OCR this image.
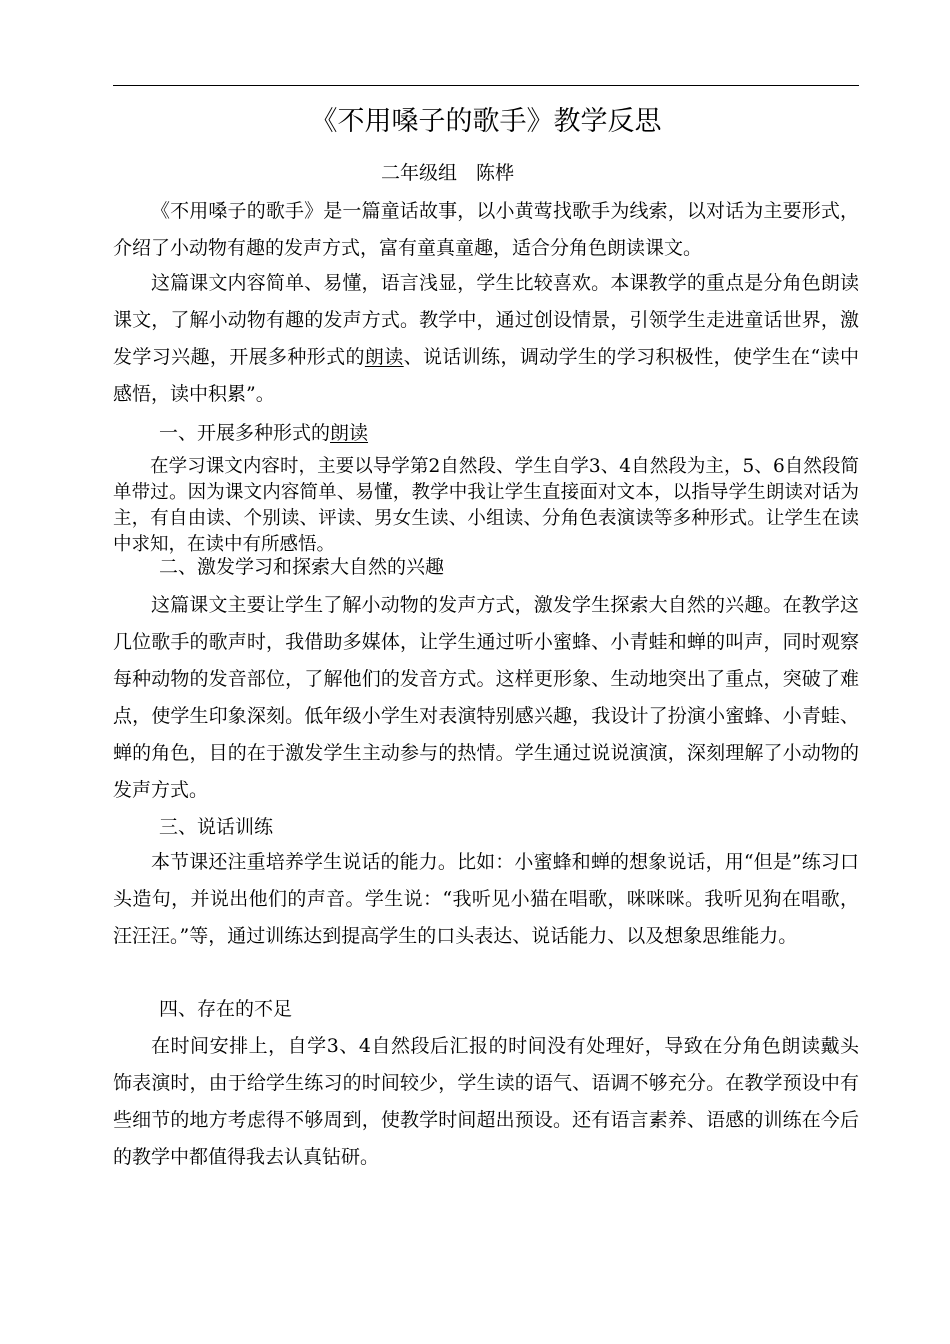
《不用嗓子的歌手》教学反思
二年级组　陈桦

《不用嗓子的歌手》是一篇童话故事，以小黄莺找歌手为线索，以对话为主要形式，介绍了小动物有趣的发声方式，富有童真童趣，适合分角色朗读课文。

这篇课文内容简单、易懂，语言浅显，学生比较喜欢。本课教学的重点是分角色朗读课文，了解小动物有趣的发声方式。教学中，通过创设情景，引领学生走进童话世界，激发学习兴趣，开展多种形式的朗读、说话训练，调动学生的学习积极性，使学生在“读中感悟，读中积累”。

一、开展多种形式的朗读

在学习课文内容时，主要以导学第2自然段、学生自学3、4自然段为主，5、6自然段简单带过。因为课文内容简单、易懂，教学中我让学生直接面对文本，以指导学生朗读对话为主，有自由读、个别读、评读、男女生读、小组读、分角色表演读等多种形式。让学生在读中求知，在读中有所感悟。

二、激发学习和探索大自然的兴趣

这篇课文主要让学生了解小动物的发声方式，激发学生探索大自然的兴趣。在教学这几位歌手的歌声时，我借助多媒体，让学生通过听小蜜蜂、小青蛙和蝉的叫声，同时观察每种动物的发音部位，了解他们的发音方式。这样更形象、生动地突出了重点，突破了难点，使学生印象深刻。低年级小学生对表演特别感兴趣，我设计了扮演小蜜蜂、小青蛙、蝉的角色，目的在于激发学生主动参与的热情。学生通过说说演演，深刻理解了小动物的发声方式。

三、说话训练

本节课还注重培养学生说话的能力。比如：小蜜蜂和蝉的想象说话，用“但是”练习口头造句，并说出他们的声音。学生说：“我听见小猫在唱歌，咪咪咪。我听见狗在唱歌，汪汪汪。”等，通过训练达到提高学生的口头表达、说话能力、以及想象思维能力。

四、存在的不足

在时间安排上，自学3、4自然段后汇报的时间没有处理好，导致在分角色朗读戴头饰表演时，由于给学生练习的时间较少，学生读的语气、语调不够充分。在教学预设中有些细节的地方考虑得不够周到，使教学时间超出预设。还有语言素养、语感的训练在今后的教学中都值得我去认真钻研。
